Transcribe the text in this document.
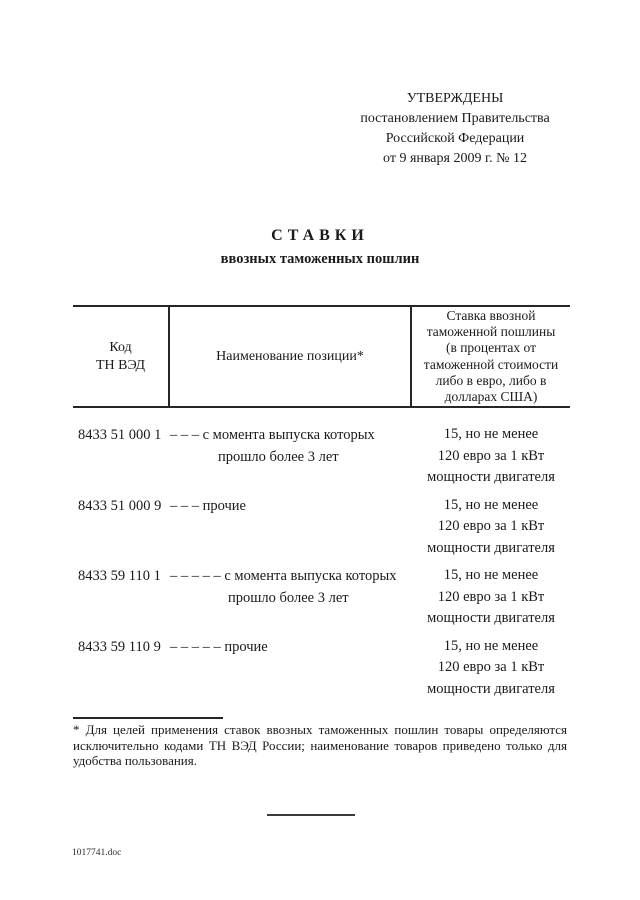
УТВЕРЖДЕНЫ
постановлением Правительства
Российской Федерации
от 9 января 2009 г. № 12
СТАВКИ
ввозных таможенных пошлин
Код
ТН ВЭД
Наименование позиции*
Ставка ввозной
таможенной пошлины
(в процентах от
таможенной стоимости
либо в евро, либо в
долларах США)
8433 51 000 1 – – – с момента выпуска которых
прошло более 3 лет
15, но не менее
120 евро за 1 кВт
мощности двигателя
8433 51 000 9 – – – прочие	15, но не менее
120 евро за 1 кВт
мощности двигателя
8433 59 110 1 – – – – – с момента выпуска которых
прошло более 3 лет
15, но не менее
120 евро за 1 кВт
мощности двигателя
8433 59 110 9 – – – – – прочие	15, но не менее
120 евро за 1 кВт
мощности двигателя

* Для целей применения ставок ввозных таможенных пошлин товары определяются исключительно кодами ТН ВЭД России; наименование товаров приведено только для удобства пользования.

1017741.doc
